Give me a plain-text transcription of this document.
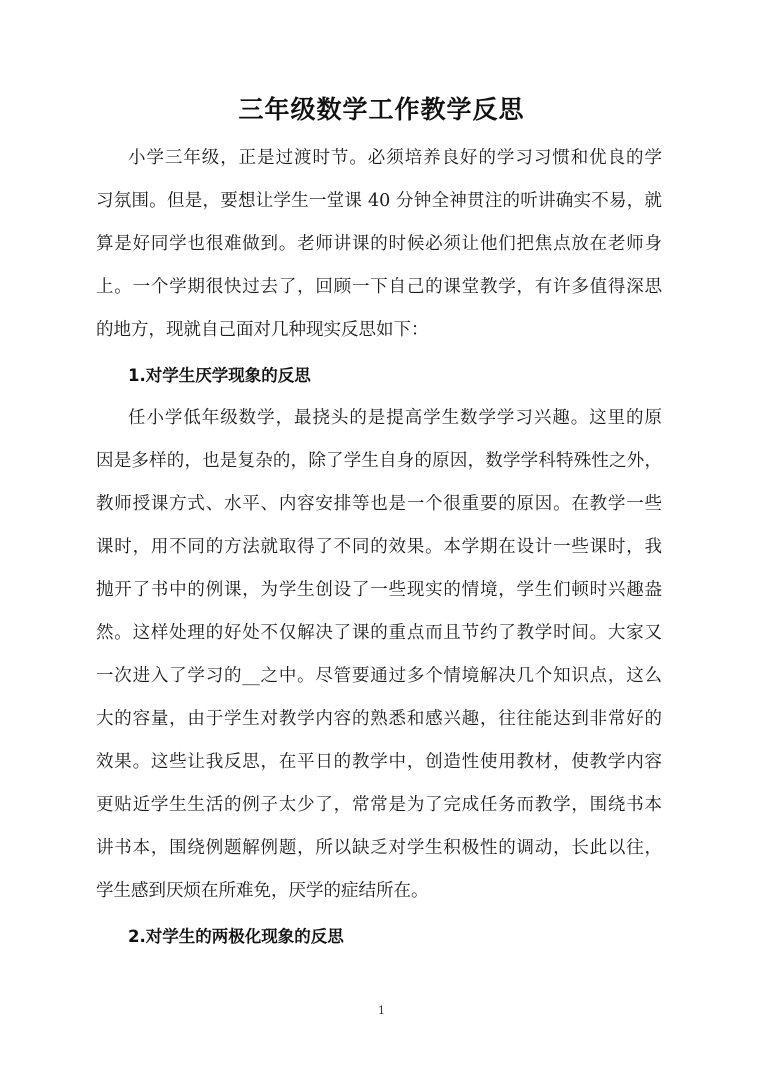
三年级数学工作教学反思
小学三年级，正是过渡时节。必须培养良好的学习习惯和优良的学
习氛围。但是，要想让学生一堂课 40 分钟全神贯注的听讲确实不易，就
算是好同学也很难做到。老师讲课的时候必须让他们把焦点放在老师身
上。一个学期很快过去了，回顾一下自己的课堂教学，有许多值得深思
的地方，现就自己面对几种现实反思如下：
1.对学生厌学现象的反思
任小学低年级数学，最挠头的是提高学生数学学习兴趣。这里的原
因是多样的，也是复杂的，除了学生自身的原因，数学学科特殊性之外，
教师授课方式、水平、内容安排等也是一个很重要的原因。在教学一些
课时，用不同的方法就取得了不同的效果。本学期在设计一些课时，我
抛开了书中的例课，为学生创设了一些现实的情境，学生们顿时兴趣盎
然。这样处理的好处不仅解决了课的重点而且节约了教学时间。大家又
一次进入了学习的__之中。尽管要通过多个情境解决几个知识点，这么
大的容量，由于学生对教学内容的熟悉和感兴趣，往往能达到非常好的
效果。这些让我反思，在平日的教学中，创造性使用教材，使教学内容
更贴近学生生活的例子太少了，常常是为了完成任务而教学，围绕书本
讲书本，围绕例题解例题，所以缺乏对学生积极性的调动，长此以往，
学生感到厌烦在所难免，厌学的症结所在。
2.对学生的两极化现象的反思
1
